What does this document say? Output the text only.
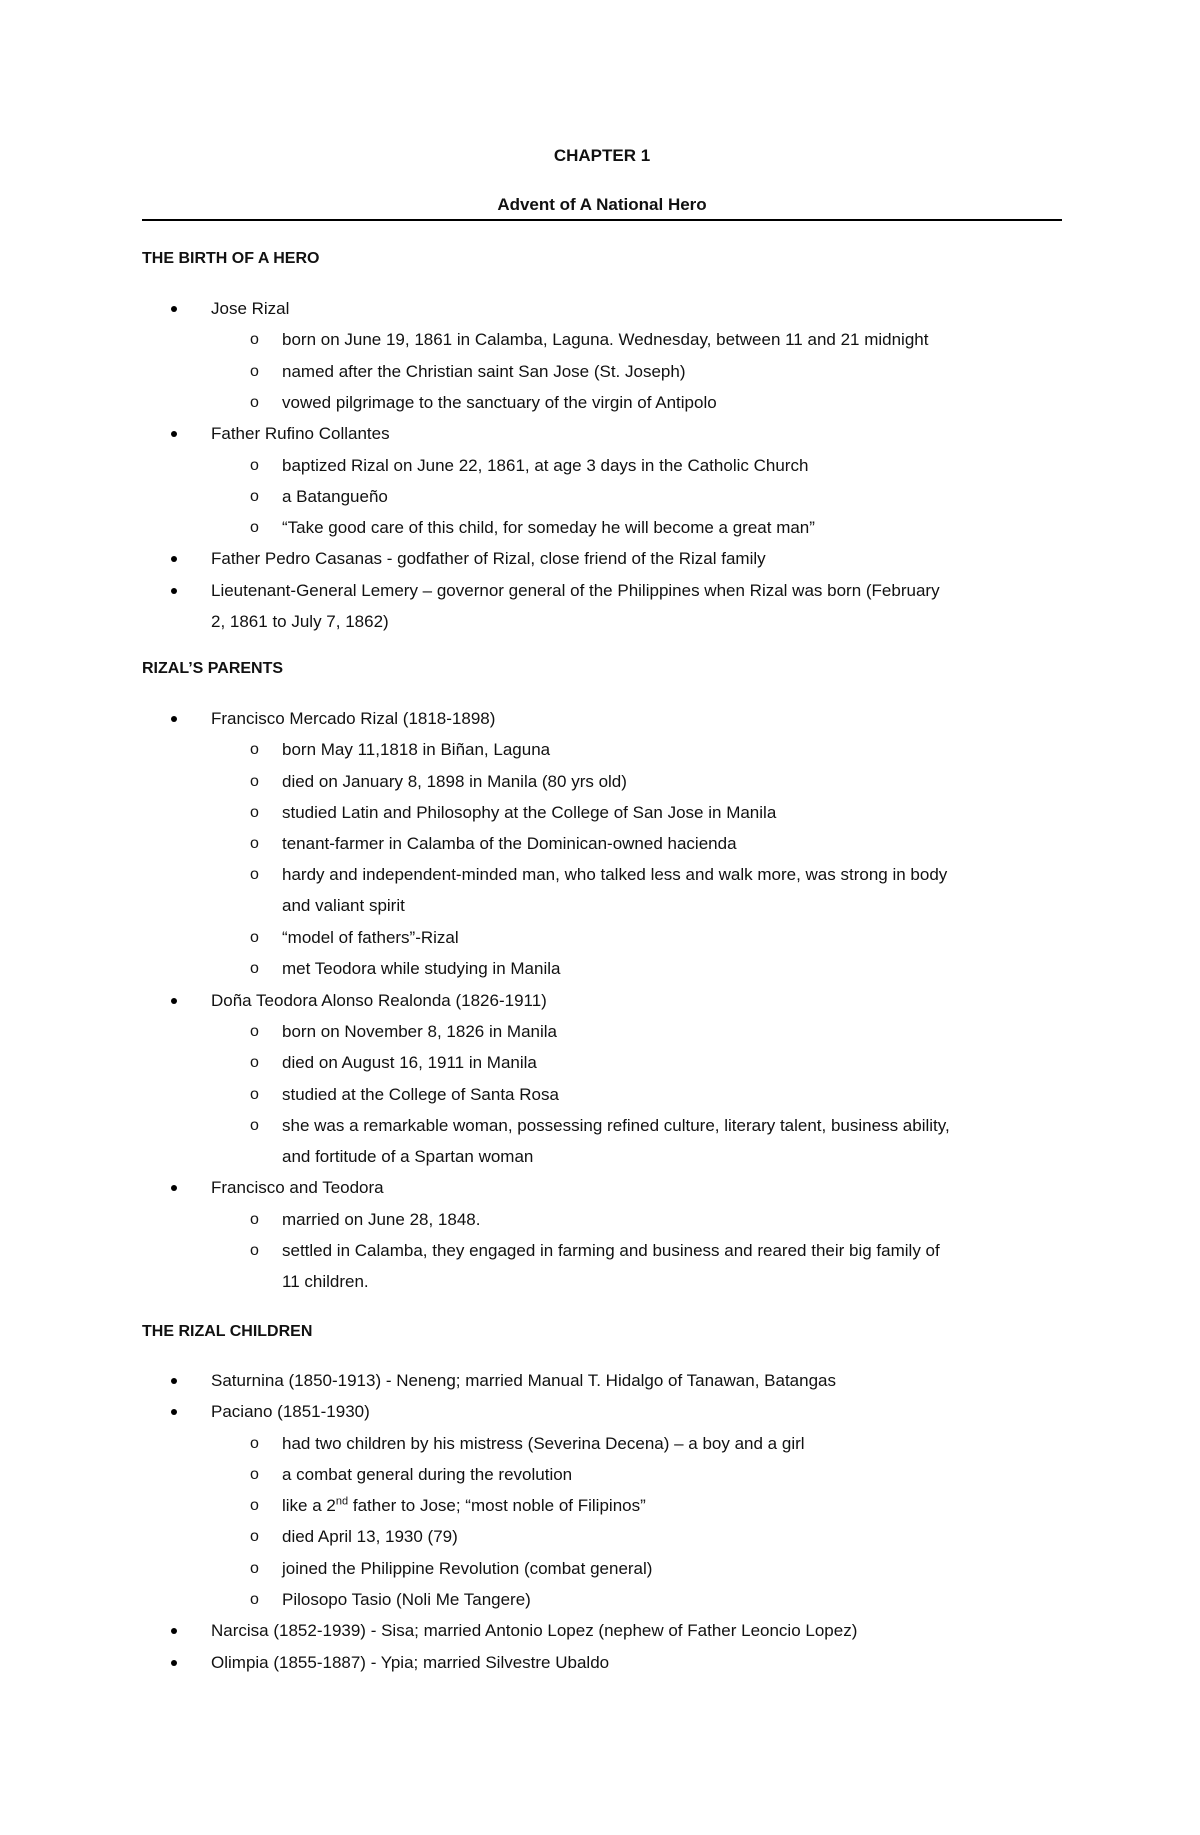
CHAPTER 1
Advent of A National Hero
THE BIRTH OF A HERO
Jose Rizal
o born on June 19, 1861 in Calamba, Laguna. Wednesday, between 11 and 21 midnight
o named after the Christian saint San Jose (St. Joseph)
o vowed pilgrimage to the sanctuary of the virgin of Antipolo
Father Rufino Collantes
o baptized Rizal on June 22, 1861, at age 3 days in the Catholic Church
o a Batangueño
o “Take good care of this child, for someday he will become a great man”
Father Pedro Casanas - godfather of Rizal, close friend of the Rizal family
Lieutenant-General Lemery – governor general of the Philippines when Rizal was born (February
2, 1861 to July 7, 1862)
RIZAL’S PARENTS
Francisco Mercado Rizal (1818-1898)
o born May 11,1818 in Biñan, Laguna
o died on January 8, 1898 in Manila (80 yrs old)
o studied Latin and Philosophy at the College of San Jose in Manila
o tenant-farmer in Calamba of the Dominican-owned hacienda
o hardy and independent-minded man, who talked less and walk more, was strong in body
and valiant spirit
o “model of fathers”-Rizal
o met Teodora while studying in Manila
Doña Teodora Alonso Realonda (1826-1911)
o born on November 8, 1826 in Manila
o died on August 16, 1911 in Manila
o studied at the College of Santa Rosa
o she was a remarkable woman, possessing refined culture, literary talent, business ability,
and fortitude of a Spartan woman
Francisco and Teodora
o married on June 28, 1848.
o settled in Calamba, they engaged in farming and business and reared their big family of
11 children.
THE RIZAL CHILDREN
Saturnina (1850-1913) - Neneng; married Manual T. Hidalgo of Tanawan, Batangas
Paciano (1851-1930)
o had two children by his mistress (Severina Decena) – a boy and a girl
o a combat general during the revolution
o like a 2nd father to Jose; “most noble of Filipinos”
o died April 13, 1930 (79)
o joined the Philippine Revolution (combat general)
o Pilosopo Tasio (Noli Me Tangere)
Narcisa (1852-1939) - Sisa; married Antonio Lopez (nephew of Father Leoncio Lopez)
Olimpia (1855-1887) - Ypia; married Silvestre Ubaldo
